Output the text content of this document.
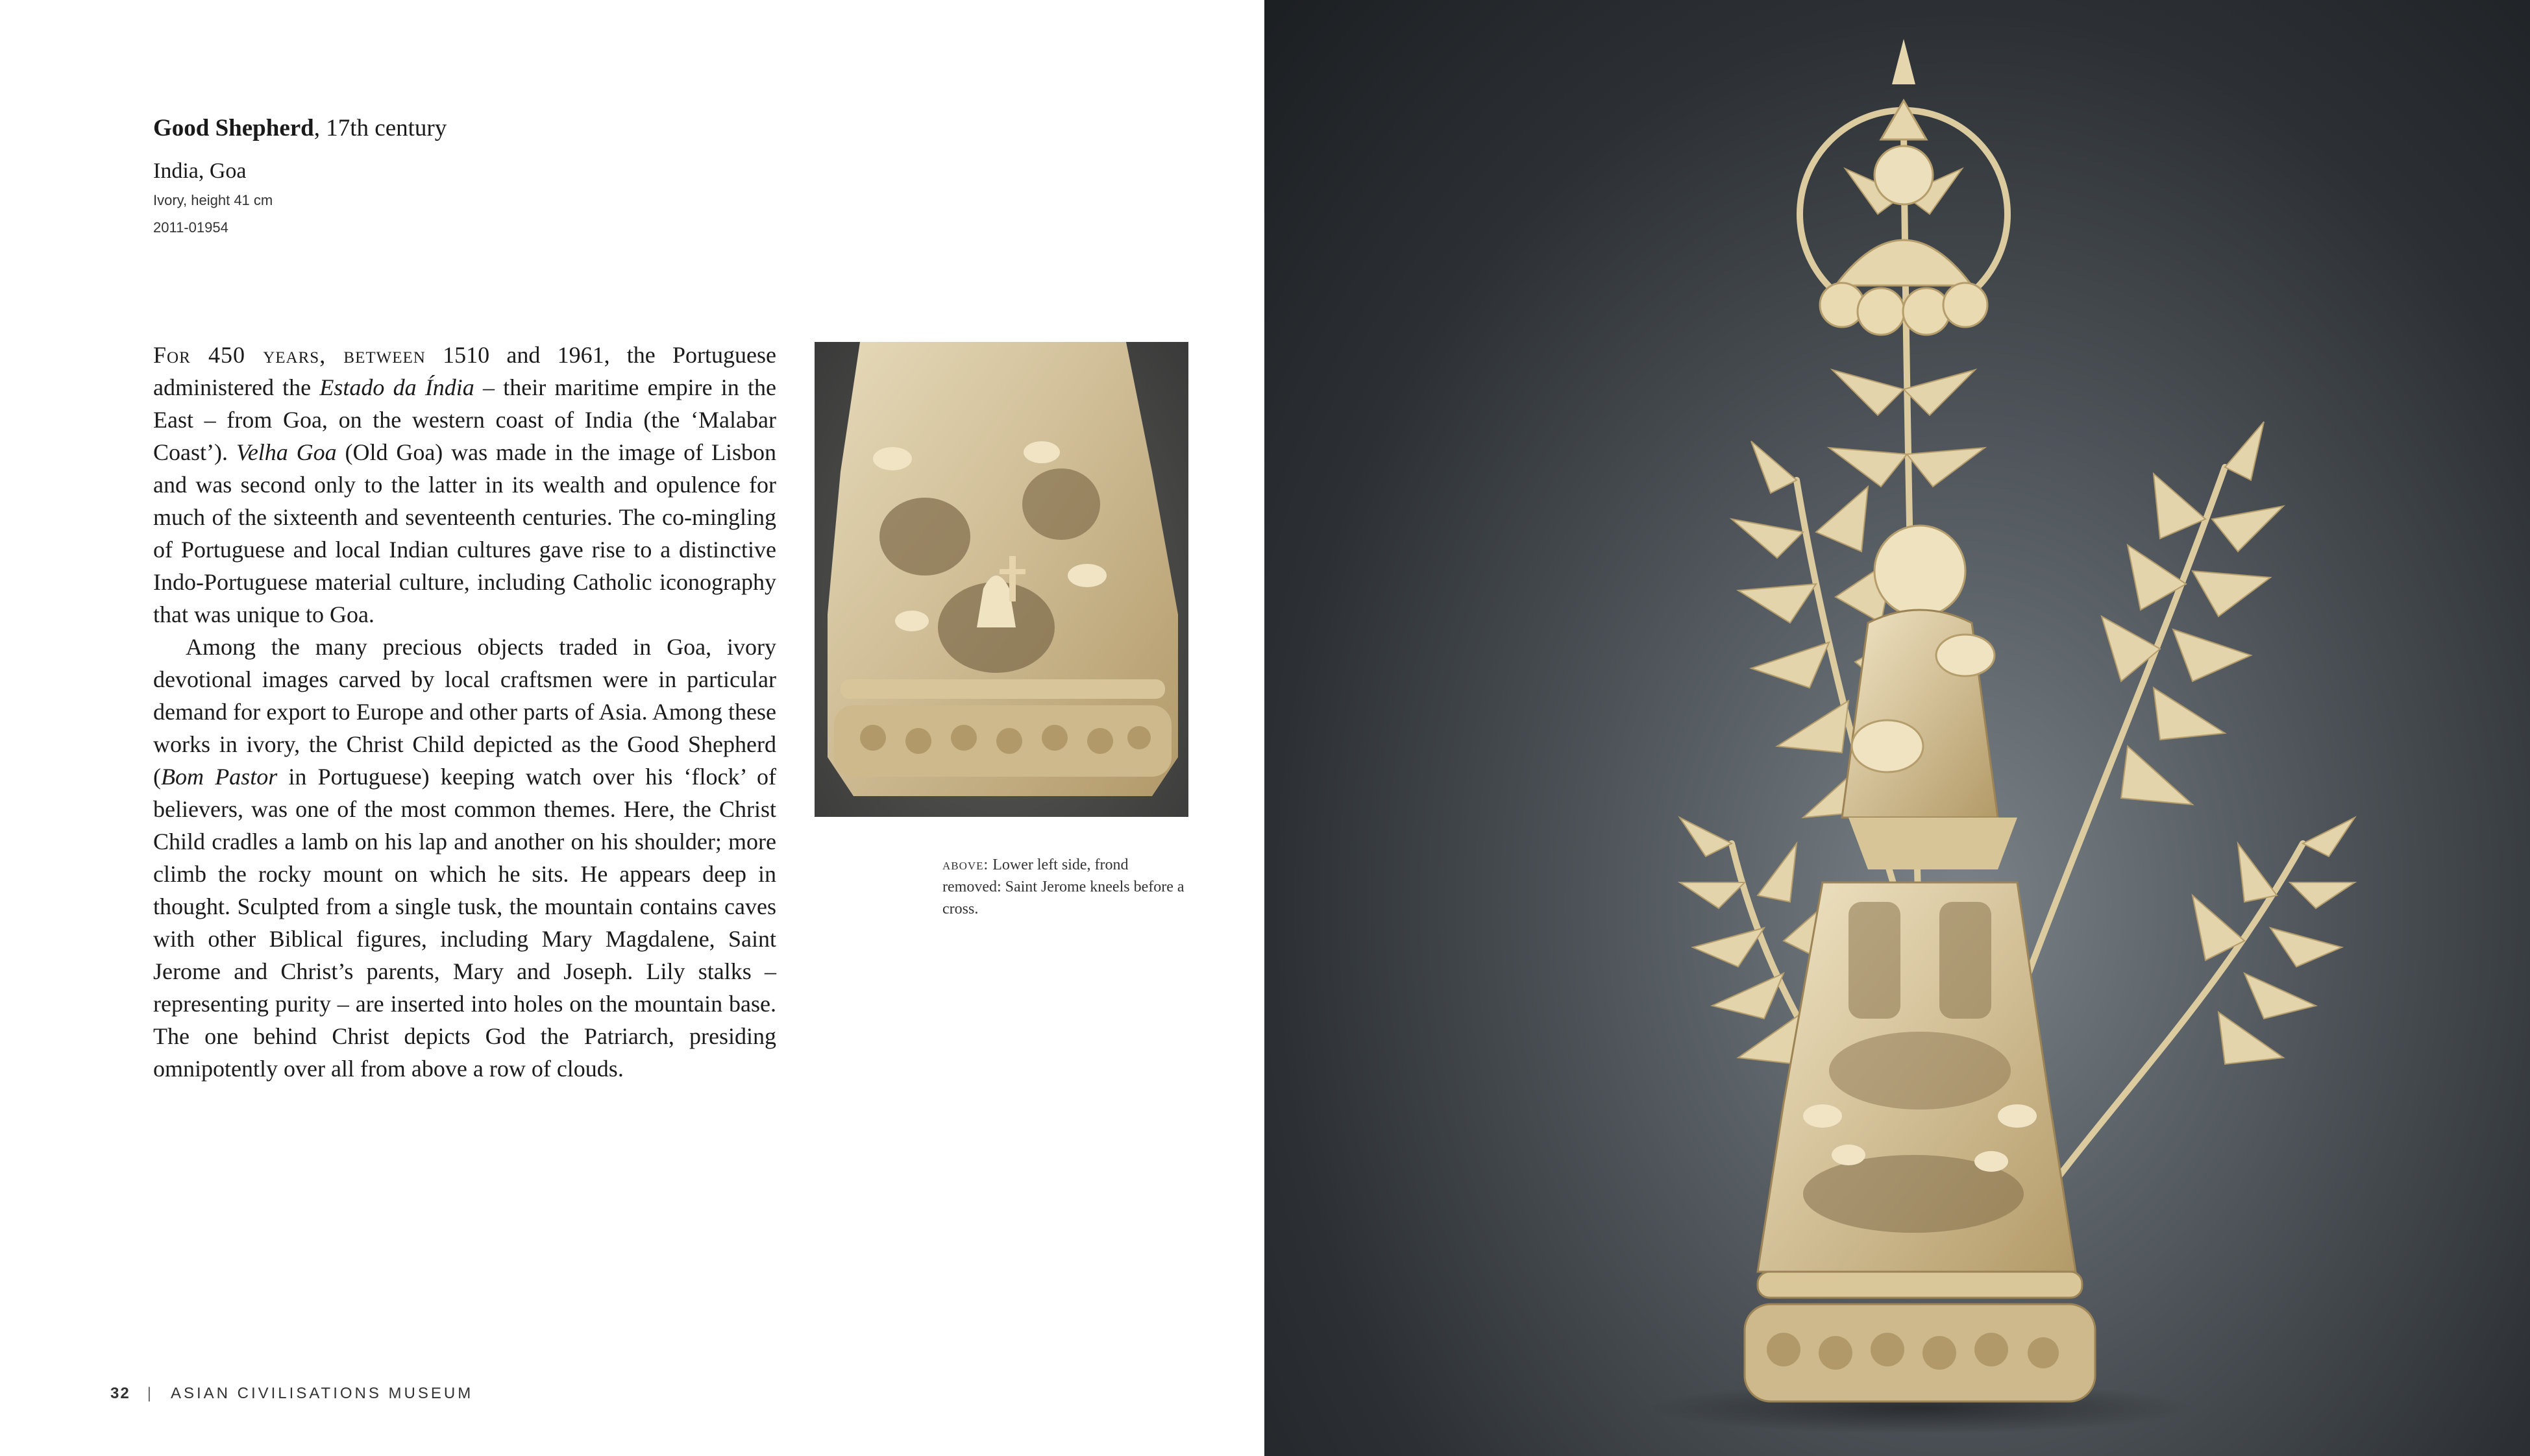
Good Shepherd, 17th century
India, Goa
Ivory, height 41 cm
2011-01954

For 450 years, between 1510 and 1961, the Portuguese administered the Estado da Índia – their maritime empire in the East – from Goa, on the western coast of India (the ‘Malabar Coast’). Velha Goa (Old Goa) was made in the image of Lisbon and was second only to the latter in its wealth and opulence for much of the sixteenth and seventeenth centuries. The co-mingling of Portuguese and local Indian cultures gave rise to a distinctive Indo-Portuguese material culture, including Catholic iconography that was unique to Goa.

Among the many precious objects traded in Goa, ivory devotional images carved by local craftsmen were in particular demand for export to Europe and other parts of Asia. Among these works in ivory, the Christ Child depicted as the Good Shepherd (Bom Pastor in Portuguese) keeping watch over his ‘flock’ of believers, was one of the most common themes. Here, the Christ Child cradles a lamb on his lap and another on his shoulder; more climb the rocky mount on which he sits. He appears deep in thought. Sculpted from a single tusk, the mountain contains caves with other Biblical figures, including Mary Magdalene, Saint Jerome and Christ’s parents, Mary and Joseph. Lily stalks – representing purity – are inserted into holes on the mountain base. The one behind Christ depicts God the Patriarch, presiding omnipotently over all from above a row of clouds.

above: Lower left side, frond removed: Saint Jerome kneels before a cross.
32 | ASIAN CIVILISATIONS MUSEUM
